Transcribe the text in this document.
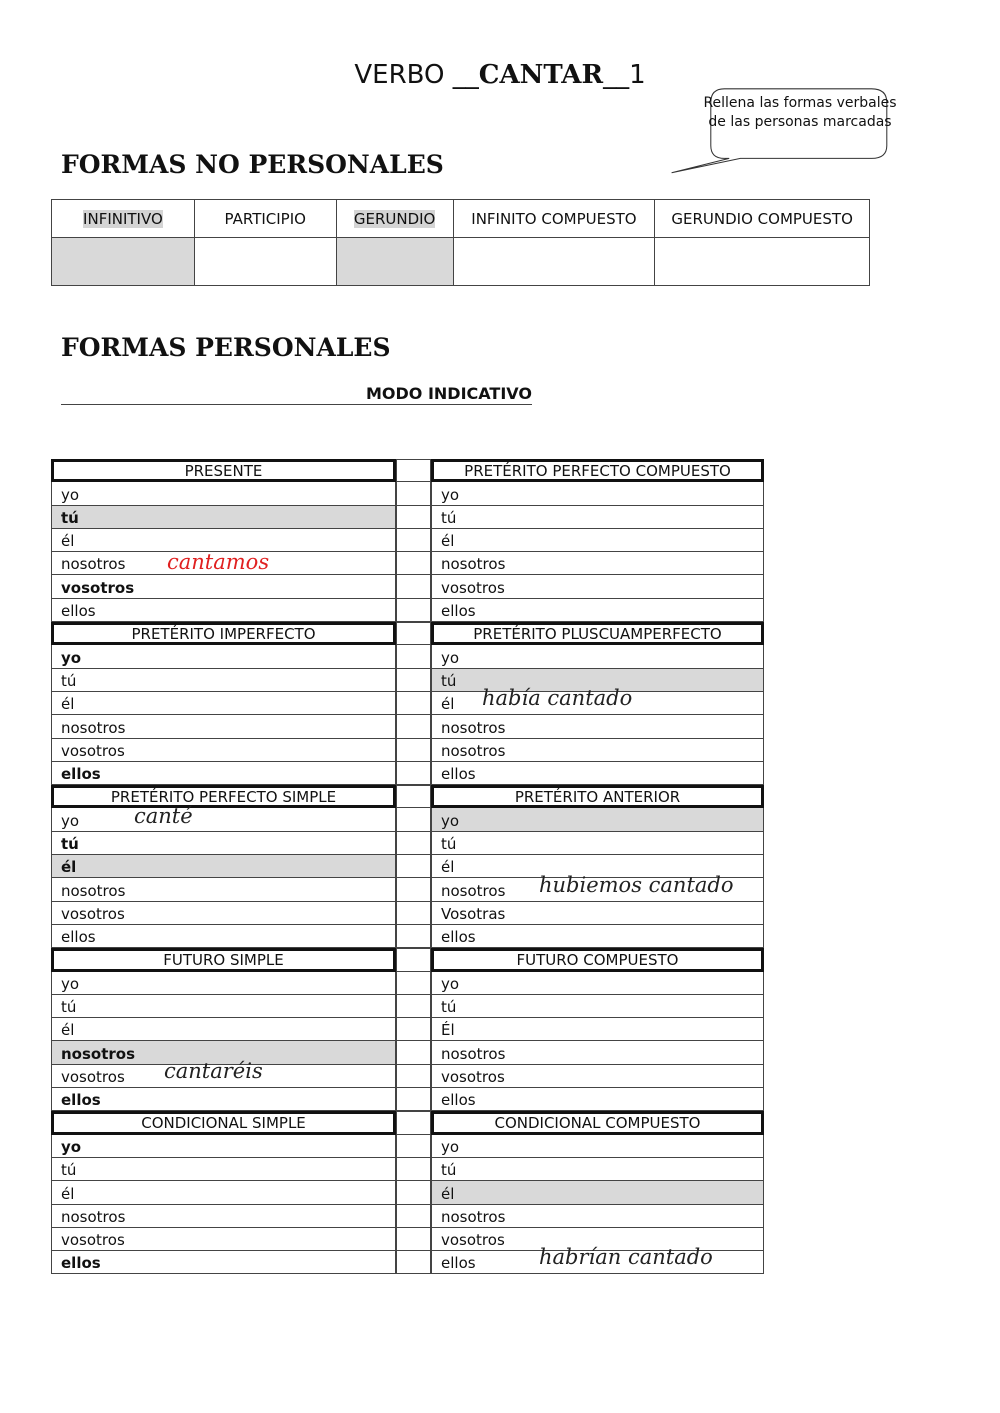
VERBO __CANTAR__1
Rellena las formas verbales de las personas marcadas
FORMAS NO PERSONALES
INFINITIVO	PARTICIPIO	GERUNDIO	INFINITO COMPUESTO	GERUNDIO COMPUESTO

FORMAS PERSONALES
MODO INDICATIVO
PRESENTE	PRETÉRITO PERFECTO COMPUESTO
yo	yo
tú	tú
él	él
nosotros cantamos	nosotros
vosotros	vosotros
ellos	ellos
PRETÉRITO IMPERFECTO	PRETÉRITO PLUSCUAMPERFECTO
yo	yo
tú	tú
él	él había cantado
nosotros	nosotros
vosotros	nosotros
ellos	ellos
PRETÉRITO PERFECTO SIMPLE	PRETÉRITO ANTERIOR
yo	canté	yo
tú	tú
él	él
nosotros	nosotros hubiemos cantado
vosotros	Vosotras
ellos	ellos
FUTURO SIMPLE	FUTURO COMPUESTO
yo	yo
tú	tú
él	Él
nosotros	nosotros
vosotros cantaréis	vosotros
ellos	ellos
CONDICIONAL SIMPLE	CONDICIONAL COMPUESTO
yo	yo
tú	tú
él	él
nosotros	nosotros
vosotros	vosotros
ellos	ellos	habrían cantado
